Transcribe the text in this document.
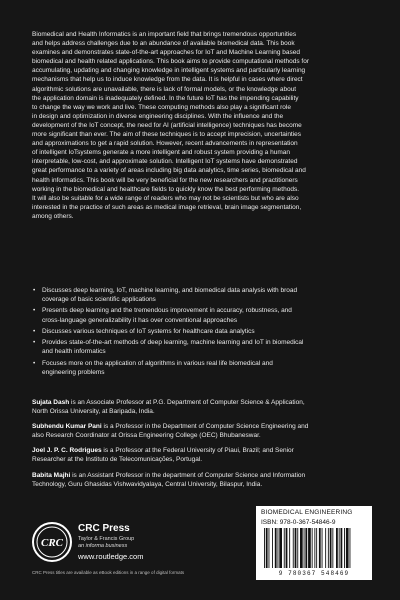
Biomedical and Health Informatics is an important field that brings tremendous opportunities
and helps address challenges due to an abundance of available biomedical data. This book
examines and demonstrates state-of-the-art approaches for IoT and Machine Learning based
biomedical and health related applications. This book aims to provide computational methods for
accumulating, updating and changing knowledge in intelligent systems and particularly learning
mechanisms that help us to induce knowledge from the data. It is helpful in cases where direct
algorithmic solutions are unavailable, there is lack of formal models, or the knowledge about
the application domain is inadequately defined. In the future IoT has the impending capability
to change the way we work and live. These computing methods also play a significant role
in design and optimization in diverse engineering disciplines. With the influence and the
development of the IoT concept, the need for AI (artificial intelligence) techniques has become
more significant than ever. The aim of these techniques is to accept imprecision, uncertainties
and approximations to get a rapid solution. However, recent advancements in representation
of intelligent IoTsystems generate a more intelligent and robust system providing a human
interpretable, low-cost, and approximate solution. Intelligent IoT systems have demonstrated
great performance to a variety of areas including big data analytics, time series, biomedical and
health informatics. This book will be very beneficial for the new researchers and practitioners
working in the biomedical and healthcare fields to quickly know the best performing methods.
It will also be suitable for a wide range of readers who may not be scientists but who are also
interested in the practice of such areas as medical image retrieval, brain image segmentation,
among others.
• Discusses deep learning, IoT, machine learning, and biomedical data analysis with broad
coverage of basic scientific applications
• Presents deep learning and the tremendous improvement in accuracy, robustness, and
cross-language generalizability it has over conventional approaches
• Discusses various techniques of IoT systems for healthcare data analytics
• Provides state-of-the-art methods of deep learning, machine learning and IoT in biomedical
and health informatics
• Focuses more on the application of algorithms in various real life biomedical and
engineering problems
Sujata Dash is an Associate Professor at P.G. Department of Computer Science & Application,
North Orissa University, at Baripada, India.
Subhendu Kumar Pani is a Professor in the Department of Computer Science Engineering and
also Research Coordinator at Orissa Engineering College (OEC) Bhubaneswar.
Joel J. P. C. Rodrigues is a Professor at the Federal University of Piaui, Brazil; and Senior
Researcher at the Instituto de Telecomunicações, Portugal.
Babita Majhi is an Assistant Professor in the department of Computer Science and Information
Technology, Guru Ghasidas Vishwavidyalaya, Central University, Bilaspur, India.
CRC
CRC Press
Taylor & Francis Group
an informa business
www.routledge.com
CRC Press titles are available as eBook editions in a range of digital formats
BIOMEDICAL ENGINEERING
ISBN: 978-0-367-54846-9
9 780367 548469
